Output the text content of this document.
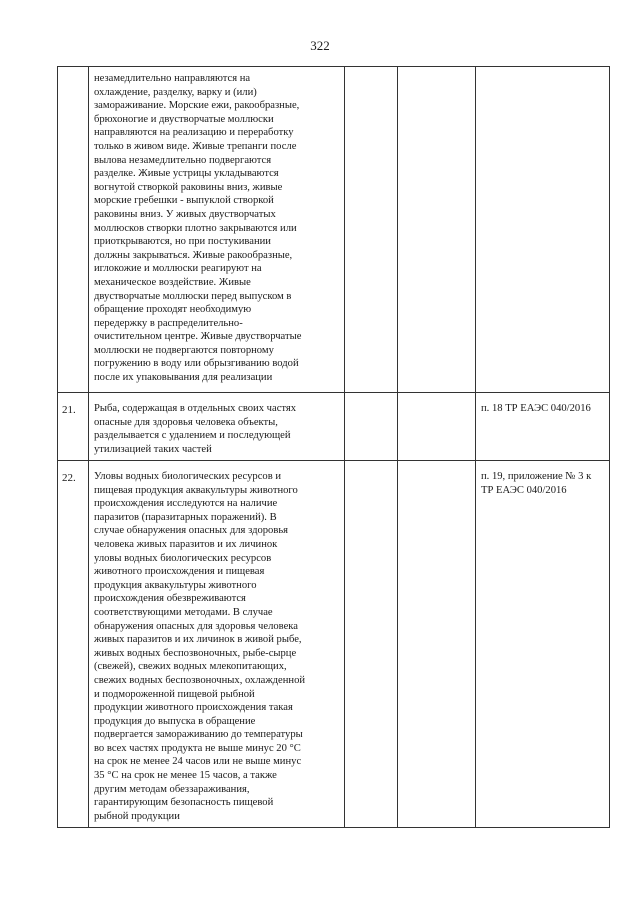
322
незамедлительно направляются на
охлаждение, разделку, варку и (или)
замораживание. Морские ежи, ракообразные,
брюхоногие и двустворчатые моллюски
направляются на реализацию и переработку
только в живом виде. Живые трепанги после
вылова незамедлительно подвергаются
разделке. Живые устрицы укладываются
вогнутой створкой раковины вниз, живые
морские гребешки - выпуклой створкой
раковины вниз. У живых двустворчатых
моллюсков створки плотно закрываются или
приоткрываются, но при постукивании
должны закрываться. Живые ракообразные,
иглокожие и моллюски реагируют на
механическое воздействие. Живые
двустворчатые моллюски перед выпуском в
обращение проходят необходимую
передержку в распределительно-
очистительном центре. Живые двустворчатые
моллюски не подвергаются повторному
погружению в воду или обрызгиванию водой
после их упаковывания для реализации
21. Рыба, содержащая в отдельных своих частях
опасные для здоровья человека объекты,
разделывается с удалением и последующей
утилизацией таких частей
п. 18 ТР ЕАЭС 040/2016
22. Уловы водных биологических ресурсов и
пищевая продукция аквакультуры животного
происхождения исследуются на наличие
паразитов (паразитарных поражений). В
случае обнаружения опасных для здоровья
человека живых паразитов и их личинок
уловы водных биологических ресурсов
животного происхождения и пищевая
продукция аквакультуры животного
происхождения обезвреживаются
соответствующими методами. В случае
обнаружения опасных для здоровья человека
живых паразитов и их личинок в живой рыбе,
живых водных беспозвоночных, рыбе-сырце
(свежей), свежих водных млекопитающих,
свежих водных беспозвоночных, охлажденной
и подмороженной пищевой рыбной
продукции животного происхождения такая
продукция до выпуска в обращение
подвергается замораживанию до температуры
во всех частях продукта не выше минус 20 °С
на срок не менее 24 часов или не выше минус
35 °С на срок не менее 15 часов, а также
другим методам обеззараживания,
гарантирующим безопасность пищевой
рыбной продукции
п. 19, приложение № 3 к
ТР ЕАЭС 040/2016
